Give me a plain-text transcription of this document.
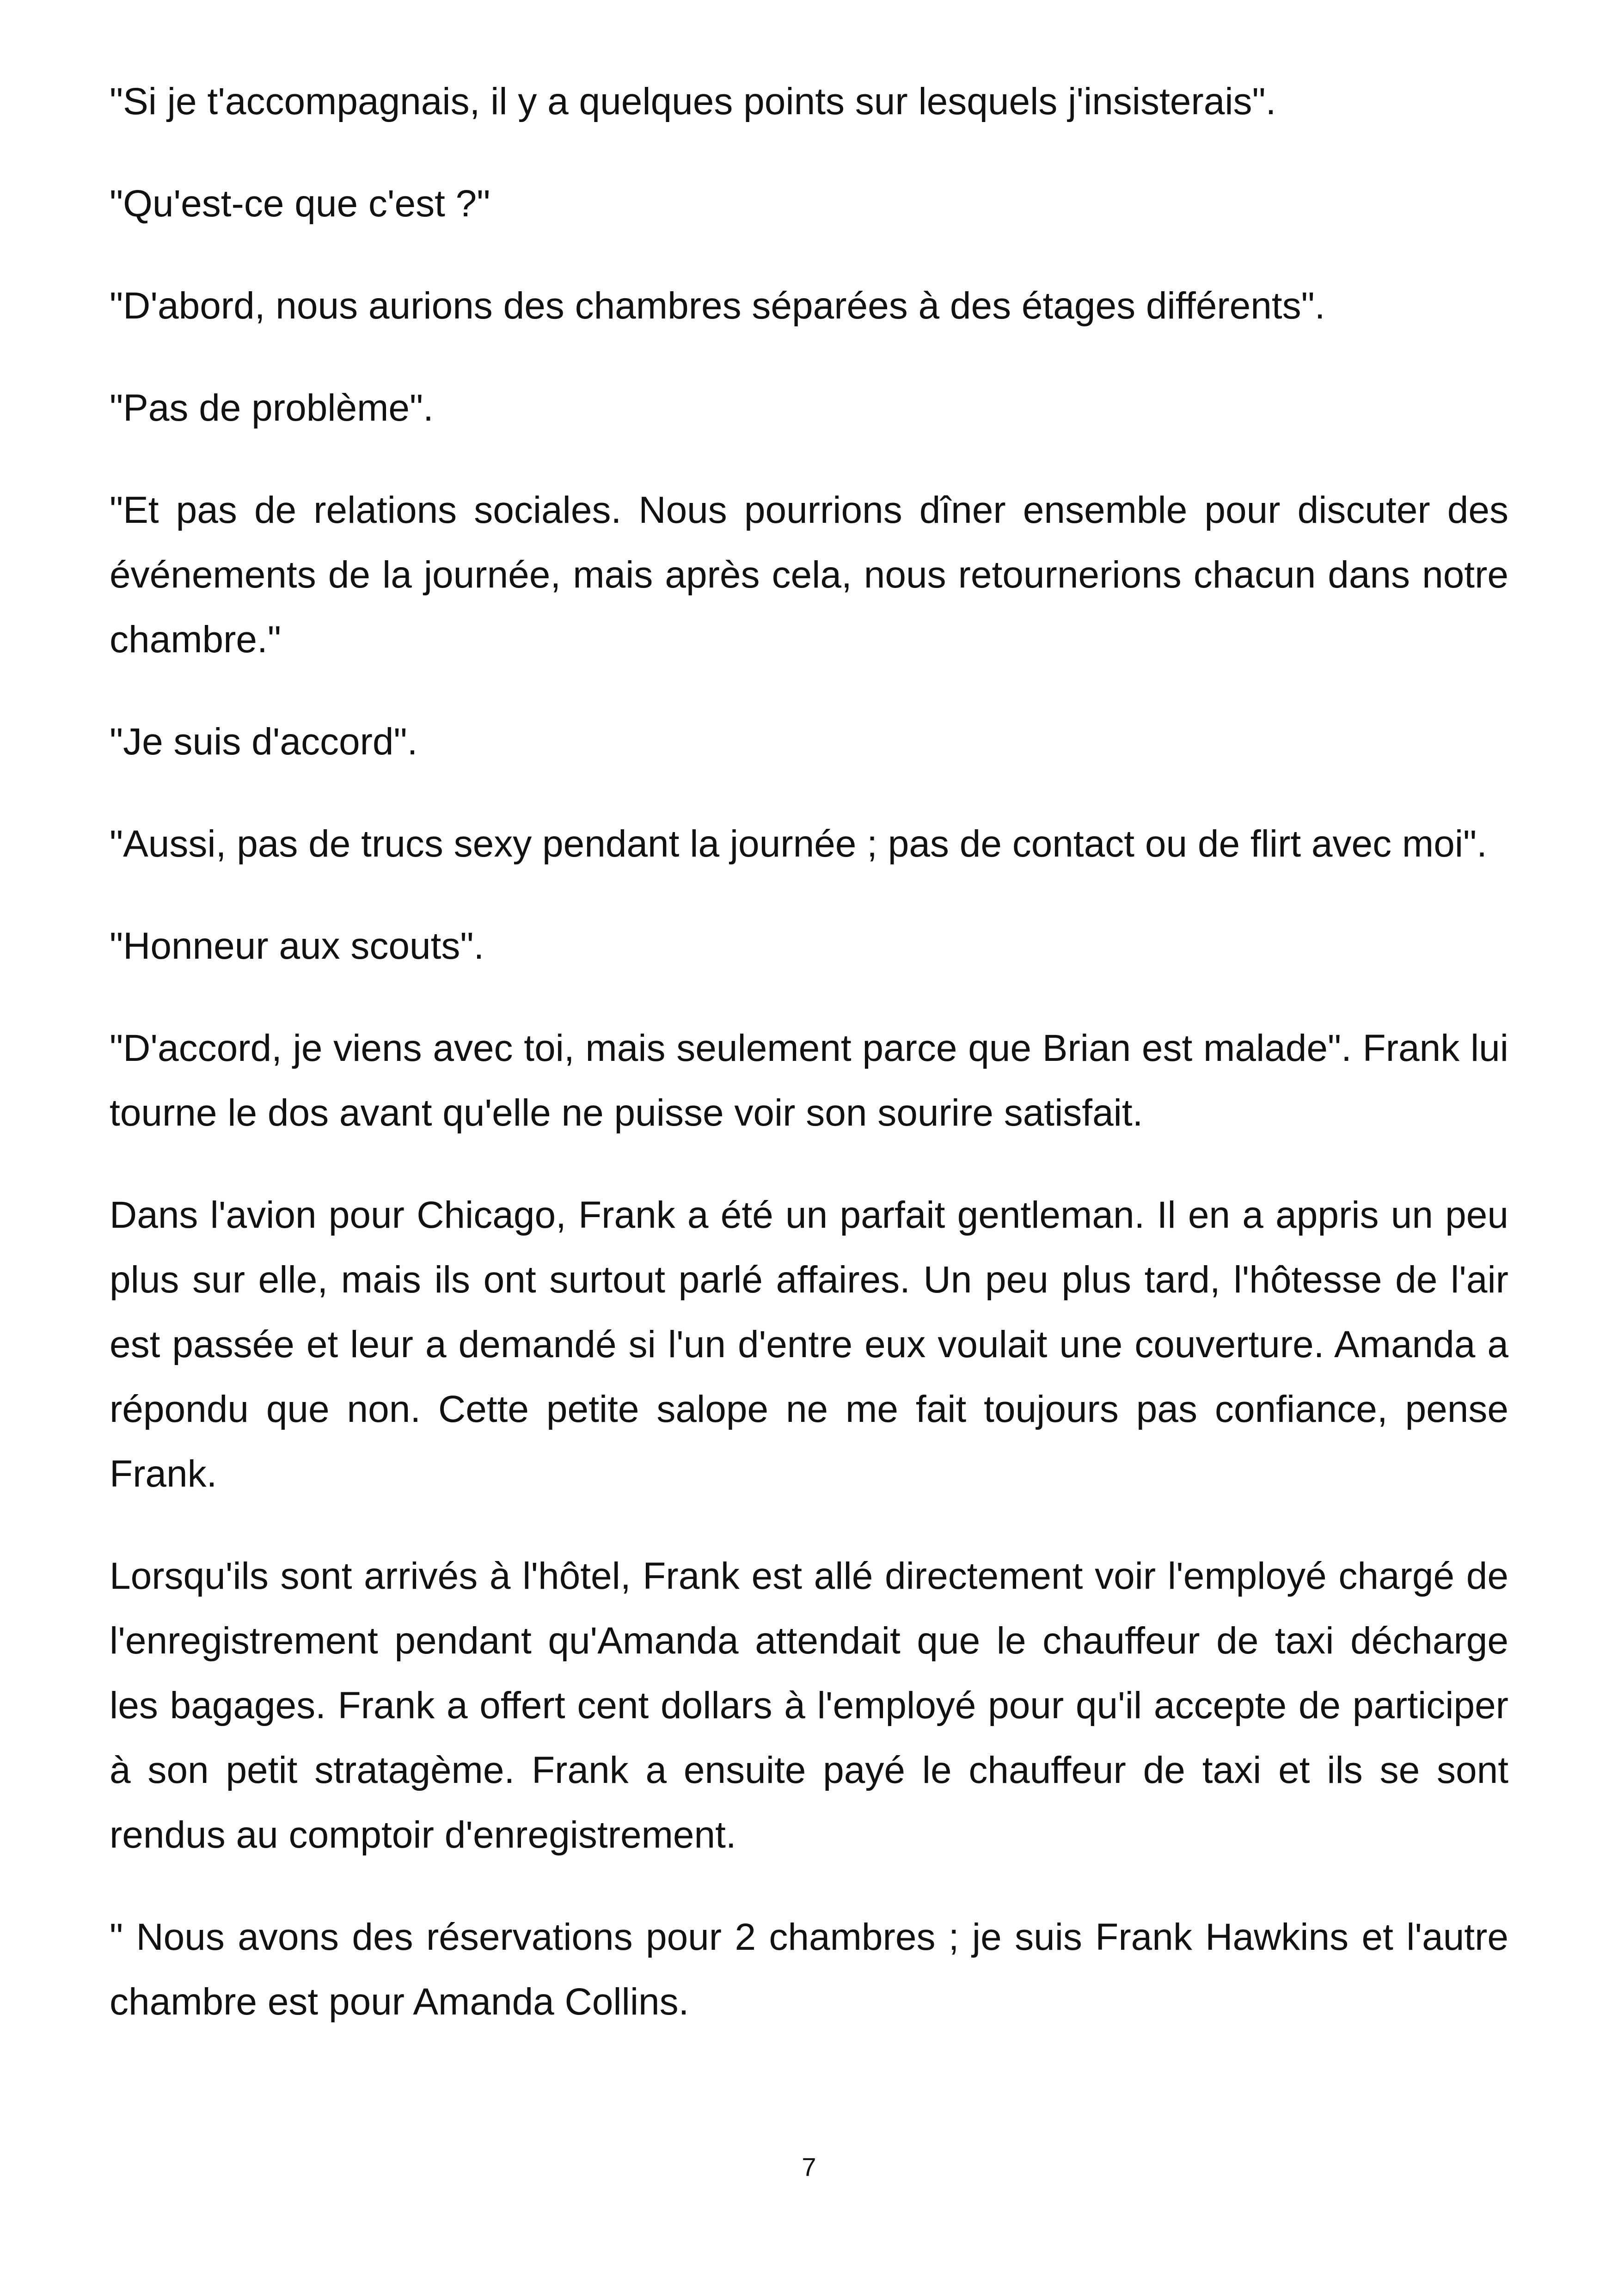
"Si je t'accompagnais, il y a quelques points sur lesquels j'insisterais".

"Qu'est-ce que c'est ?"

"D'abord, nous aurions des chambres séparées à des étages différents".

"Pas de problème".

"Et pas de relations sociales. Nous pourrions dîner ensemble pour discuter des événements de la journée, mais après cela, nous retournerions chacun dans notre chambre."

"Je suis d'accord".

"Aussi, pas de trucs sexy pendant la journée ; pas de contact ou de flirt avec moi".

"Honneur aux scouts".

"D'accord, je viens avec toi, mais seulement parce que Brian est malade". Frank lui tourne le dos avant qu'elle ne puisse voir son sourire satisfait.

Dans l'avion pour Chicago, Frank a été un parfait gentleman. Il en a appris un peu plus sur elle, mais ils ont surtout parlé affaires. Un peu plus tard, l'hôtesse de l'air est passée et leur a demandé si l'un d'entre eux voulait une couverture. Amanda a répondu que non. Cette petite salope ne me fait toujours pas confiance, pense Frank.

Lorsqu'ils sont arrivés à l'hôtel, Frank est allé directement voir l'employé chargé de l'enregistrement pendant qu'Amanda attendait que le chauffeur de taxi décharge les bagages. Frank a offert cent dollars à l'employé pour qu'il accepte de participer à son petit stratagème. Frank a ensuite payé le chauffeur de taxi et ils se sont rendus au comptoir d'enregistrement.

" Nous avons des réservations pour 2 chambres ; je suis Frank Hawkins et l'autre chambre est pour Amanda Collins.

7
